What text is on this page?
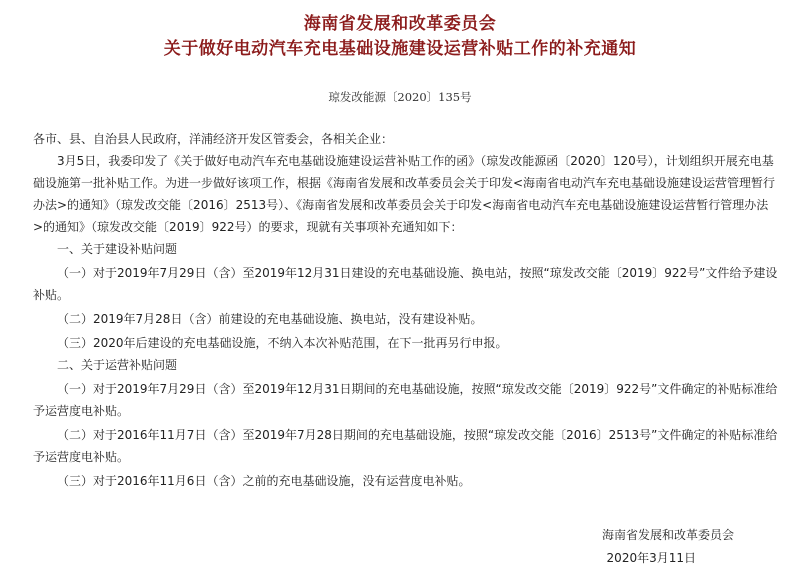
海南省发展和改革委员会
关于做好电动汽车充电基础设施建设运营补贴工作的补充通知
琼发改能源〔2020〕135号

各市、县、自治县人民政府，洋浦经济开发区管委会，各相关企业：

3月5日，我委印发了《关于做好电动汽车充电基础设施建设运营补贴工作的函》（琼发改能源函〔2020〕120号），计划组织开展充电基础设施第一批补贴工作。为进一步做好该项工作，根据《海南省发展和改革委员会关于印发<海南省电动汽车充电基础设施建设运营管理暂行办法>的通知》（琼发改交能〔2016〕2513号）、《海南省发展和改革委员会关于印发<海南省电动汽车充电基础设施建设运营暂行管理办法>的通知》（琼发改交能〔2019〕922号）的要求，现就有关事项补充通知如下：

一、关于建设补贴问题

（一）对于2019年7月29日（含）至2019年12月31日建设的充电基础设施、换电站，按照“琼发改交能〔2019〕922号”文件给予建设补贴。

（二）2019年7月28日（含）前建设的充电基础设施、换电站，没有建设补贴。

（三）2020年后建设的充电基础设施，不纳入本次补贴范围，在下一批再另行申报。

二、关于运营补贴问题

（一）对于2019年7月29日（含）至2019年12月31日期间的充电基础设施，按照“琼发改交能〔2019〕922号”文件确定的补贴标准给予运营度电补贴。

（二）对于2016年11月7日（含）至2019年7月28日期间的充电基础设施，按照“琼发改交能〔2016〕2513号”文件确定的补贴标准给予运营度电补贴。

（三）对于2016年11月6日（含）之前的充电基础设施，没有运营度电补贴。

海南省发展和改革委员会
2020年3月11日
